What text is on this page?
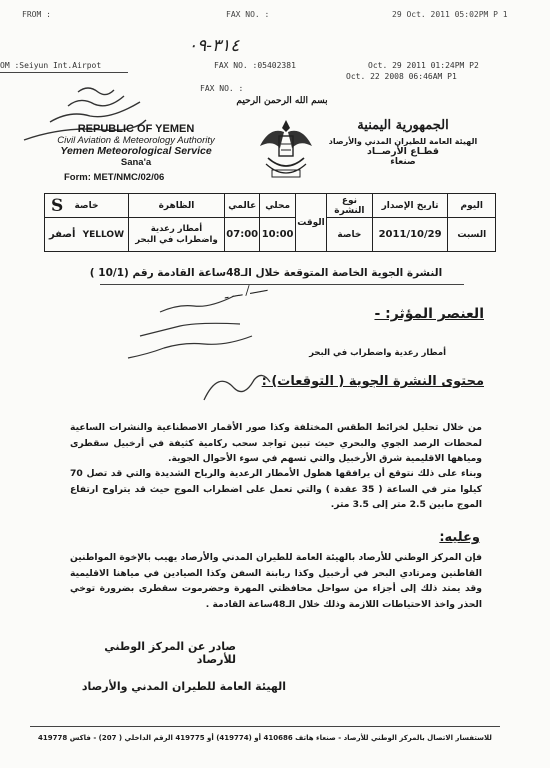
FROM :	FAX NO. :	29 Oct. 2011 05:02PM P 1
OM :Seiyun Int.Airpot	FAX NO. :05402381	Oct. 29 2011 01:24PM P2
FAX NO. :
Oct. 22 2008 06:46AM P1
٣١٤-٠٩
REPUBLIC OF YEMEN
Civil Aviation & Meteorology Authority
Yemen Meteorological Service
Sana'a
Form: MET/NMC/02/06
بسم الله الرحمن الرحيم
الجمهورية اليمنية
الهيئة العامة للطيران المدني والأرصاد
قطـاع الأرصــاد
صنعاء
اليوم	تاريخ الإصدار	نوع النشرة	الوقت	محلي	عالمي	الظاهرة	Ѕ خاصة
السبت	2011/10/29	خاصة		10:00	07:00	أمطار رعدية واضطراب في البحر	YELLOW أصفر
النشرة الجوية الخاصة المتوقعة خلال الـ48ساعة القادمة رقم (10/1 )
العنصر المؤثر: -
ـــــ/ ـــ ـ
أمطار رعدية واضطراب في البحر
محتوى النشرة الجوية ( التوقعات) :
من خلال تحليل لخرائط الطقس المختلفة وكذا صور الأقمار الاصطناعية والنشرات الساعية لمحطات الرصد الجوي والبحري حيث تبين تواجد سحب ركامية كثيفة في أرخبيل سقطرى ومياهها الاقليمية شرق الأرخبيل والتي تسهم في سوء الأحوال الجوية.
وبناء على ذلك نتوقع أن يرافقها هطول الأمطار الرعدية والرياح الشديدة والتي قد تصل 70 كيلوا متر في الساعة ( 35 عقدة ) والتي تعمل على اضطراب الموج حيث قد يتراوح ارتفاع الموج مابين 2.5 متر إلى 3.5 متر.
وعليه:
فإن المركز الوطني للأرصاد بالهيئة العامة للطيران المدني والأرصاد يهيب بالإخوة المواطنين القاطنين ومرتادي البحر في أرخبيل وكذا ربابنة السفن وكذا الصيادين في مياهنا الاقليمية وقد يمتد ذلك إلى أجزاء من سواحل محافظتي المهرة وحضرموت سقطرى بضرورة توخي الحذر واخذ الاحتياطات اللازمة وذلك خلال الـ48ساعة القادمة .
صادر عن المركز الوطني للأرصاد
الهيئة العامة للطيران المدني والأرصاد
للاستفسار الاتصال بالمركز الوطني للأرصاد - صنعاء هاتف 410686 أو (419774) أو 419775 الرقم الداخلي ( 207) - فاكس 419778
